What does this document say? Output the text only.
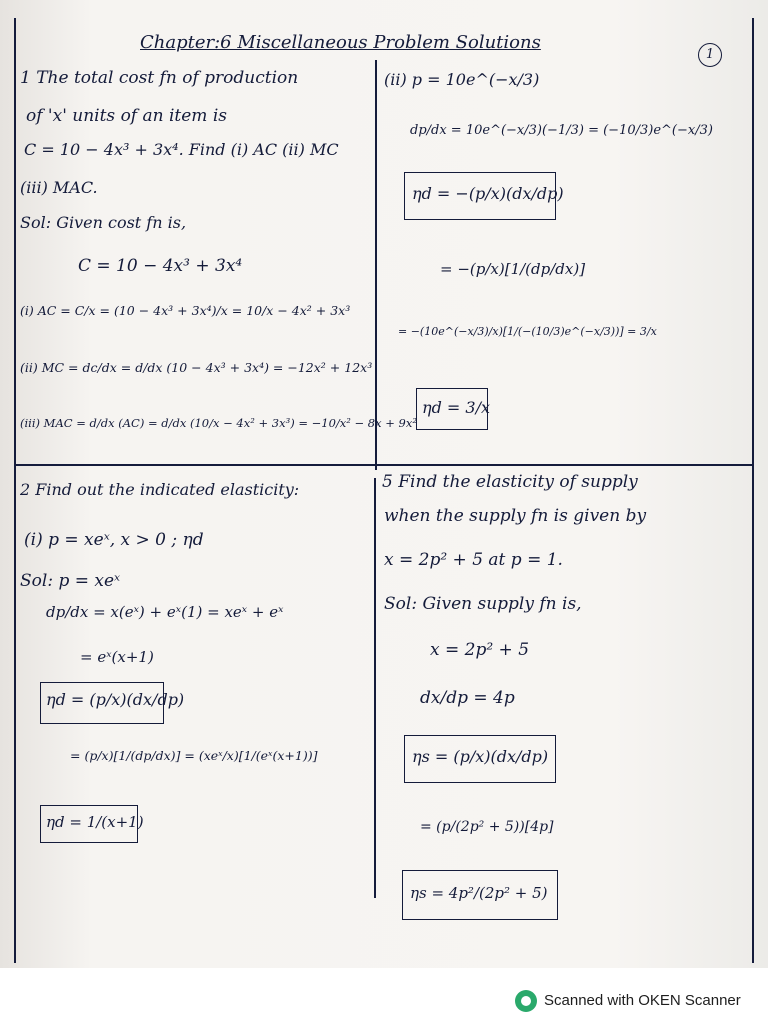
Chapter:6 Miscellaneous Problem Solutions
1
1 The total cost fn of production
of 'x' units of an item is
C = 10 − 4x³ + 3x⁴. Find (i) AC (ii) MC
(iii) MAC.
Sol: Given cost fn is,
C = 10 − 4x³ + 3x⁴
(i) AC = C/x = (10 − 4x³ + 3x⁴)/x = 10/x − 4x² + 3x³
(ii) MC = dc/dx = d/dx (10 − 4x³ + 3x⁴) = −12x² + 12x³
(iii) MAC = d/dx (AC) = d/dx (10/x − 4x² + 3x³) = −10/x² − 8x + 9x²
2 Find out the indicated elasticity:
(i) p = xeˣ, x > 0 ; ηd
Sol: p = xeˣ
dp/dx = x(eˣ) + eˣ(1) = xeˣ + eˣ
= eˣ(x+1)
ηd = (p/x)(dx/dp)
= (p/x)[1/(dp/dx)] = (xeˣ/x)[1/(eˣ(x+1))]
ηd = 1/(x+1)
(ii) p = 10e^(−x/3)
dp/dx = 10e^(−x/3)(−1/3) = (−10/3)e^(−x/3)
ηd = −(p/x)(dx/dp)
= −(p/x)[1/(dp/dx)]
= −(10e^(−x/3)/x)[1/(−(10/3)e^(−x/3))] = 3/x
ηd = 3/x
5 Find the elasticity of supply
when the supply fn is given by
x = 2p² + 5 at p = 1.
Sol: Given supply fn is,
x = 2p² + 5
dx/dp = 4p
ηs = (p/x)(dx/dp)
= (p/(2p² + 5))[4p]
ηs = 4p²/(2p² + 5)
Scanned with OKEN Scanner
